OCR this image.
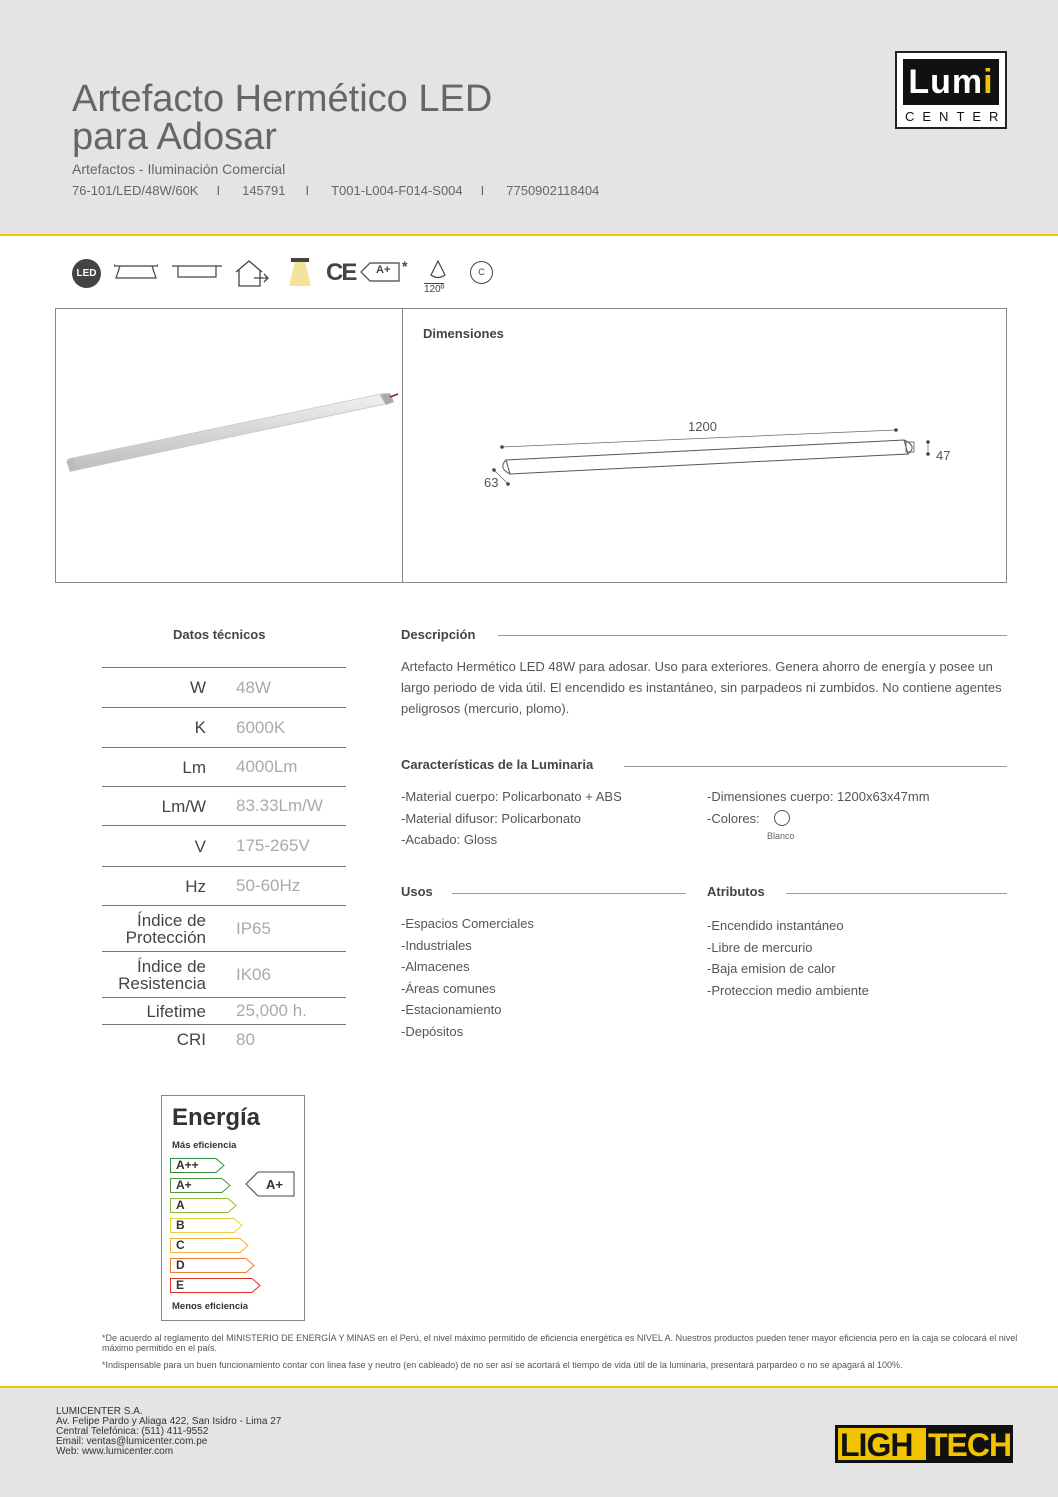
Artefacto Hermético LED
para Adosar
Artefactos - Iluminación Comercial
76-101/LED/48W/60K I 145791 I T001-L004-F014-S004 I 7750902118404
Lumi
CENTER
LED	CE A+ *
120º
C
Dimensiones
1200
47
63
Datos técnicos
W 48W
K 6000K
Lm 4000Lm
Lm/W 83.33Lm/W
V 175-265V
Hz 50-60Hz
Índice de Protección IP65
Índice de Resistencia IK06
Lifetime 25,000 h.
CRI 80
Descripción
Artefacto Hermético LED 48W para adosar. Uso para exteriores. Genera ahorro de energía y posee un largo periodo de vida útil. El encendido es instantáneo, sin parpadeos ni zumbidos. No contiene agentes peligrosos (mercurio, plomo).
Características de la Luminaria
-Material cuerpo: Policarbonato + ABS
-Material difusor: Policarbonato
-Acabado: Gloss
-Dimensiones cuerpo: 1200x63x47mm
-Colores:
Blanco
Usos
-Espacios Comerciales
-Industriales
-Almacenes
-Áreas comunes
-Estacionamiento
-Depósitos
Atributos
-Encendido instantáneo
-Libre de mercurio
-Baja emision de calor
-Proteccion medio ambiente
Energía
Más eficiencia
A++
A+
A
B
C
D
E
A+
Menos eficiencia
*De acuerdo al reglamento del MINISTERIO DE ENERGÍA Y MINAS en el Perú, el nivel máximo permitido de eficiencia energética es NIVEL A. Nuestros productos pueden tener mayor eficiencia pero en la caja se colocará el nivel máximo permitido en el país.
*Indispensable para un buen funcionamiento contar con linea fase y neutro (en cableado) de no ser así se acortará el tiempo de vida útil de la luminaria, presentará parpardeo o no se apagará al 100%.
LUMICENTER S.A.
Av. Felipe Pardo y Aliaga 422, San Isidro - Lima 27
Central Telefónica: (511) 411-9552
Email: ventas@lumicenter.com.pe
Web: www.lumicenter.com	LIGH TECH
